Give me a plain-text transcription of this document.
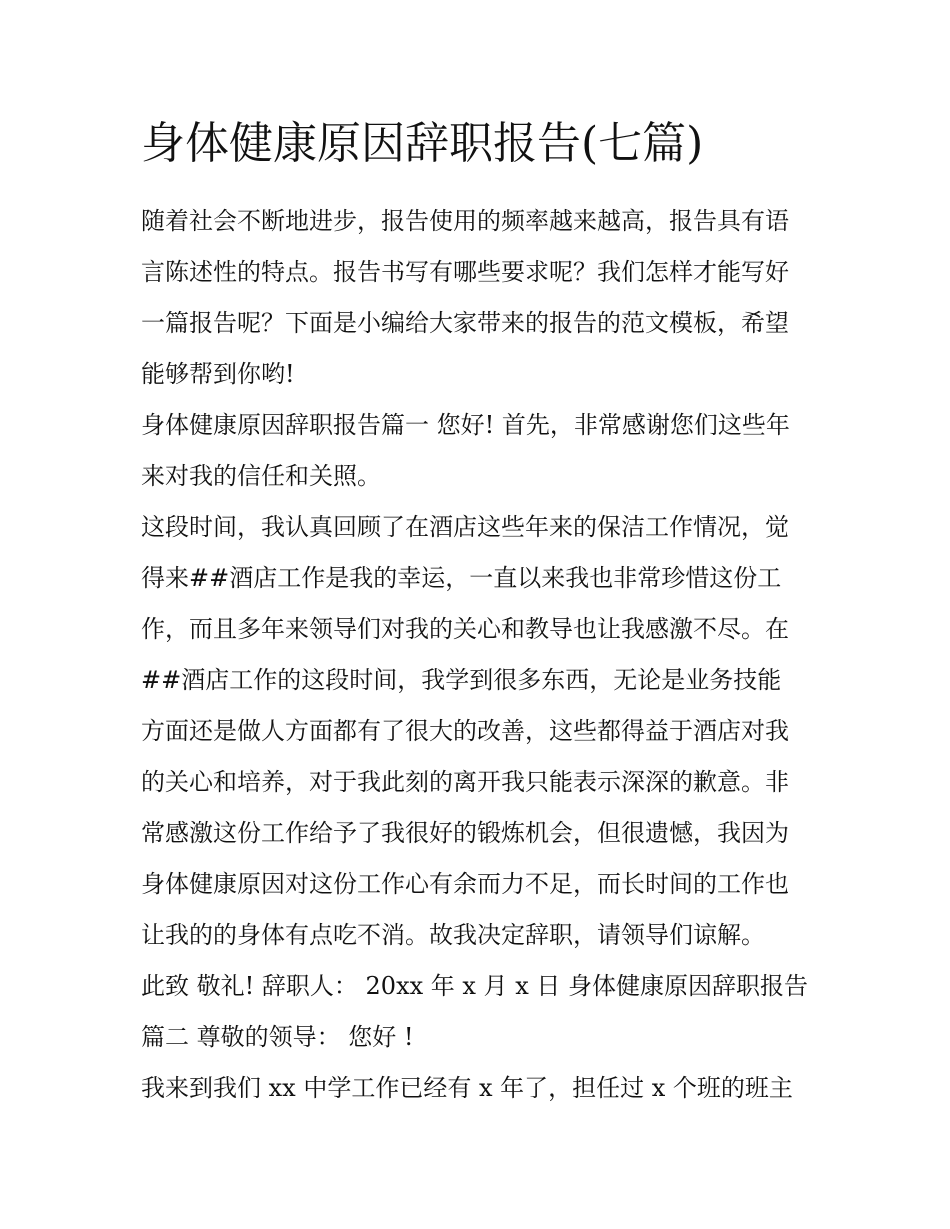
身体健康原因辞职报告(七篇)

随着社会不断地进步，报告使用的频率越来越高，报告具有语

言陈述性的特点。报告书写有哪些要求呢？我们怎样才能写好

一篇报告呢？下面是小编给大家带来的报告的范文模板，希望

能够帮到你哟!

身体健康原因辞职报告篇一 您好! 首先，非常感谢您们这些年

来对我的信任和关照。

这段时间，我认真回顾了在酒店这些年来的保洁工作情况，觉

得来##酒店工作是我的幸运，一直以来我也非常珍惜这份工

作，而且多年来领导们对我的关心和教导也让我感激不尽。在

##酒店工作的这段时间，我学到很多东西，无论是业务技能

方面还是做人方面都有了很大的改善，这些都得益于酒店对我

的关心和培养，对于我此刻的离开我只能表示深深的歉意。非

常感激这份工作给予了我很好的锻炼机会，但很遗憾，我因为

身体健康原因对这份工作心有余而力不足，而长时间的工作也

让我的的身体有点吃不消。故我决定辞职，请领导们谅解。

此致 敬礼! 辞职人： 20xx 年 x 月 x 日 身体健康原因辞职报告

篇二 尊敬的领导： 您好 !

我来到我们 xx 中学工作已经有 x 年了，担任过 x 个班的班主
